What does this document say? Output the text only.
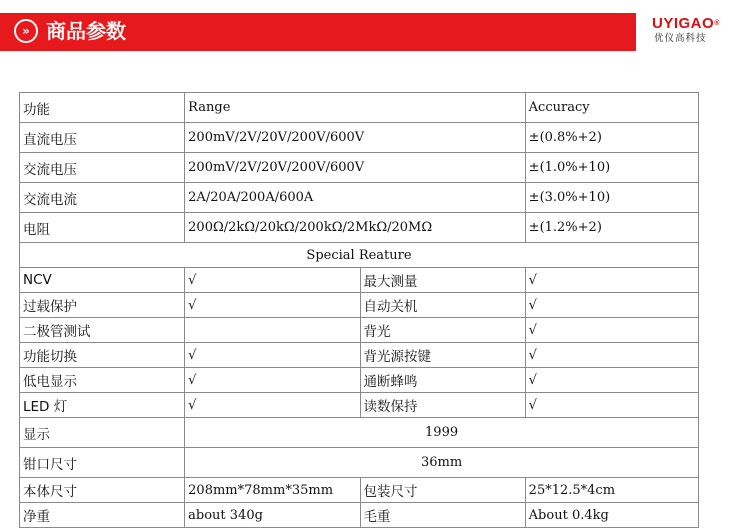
» 商品参数	UYIGAO®
优仪高科技
功能	Range		Accuracy
直流电压	200mV/2V/20V/200V/600V		±(0.8%+2)
交流电压	200mV/2V/20V/200V/600V		±(1.0%+10)
交流电流	2A/20A/200A/600A		±(3.0%+10)
电阻	200Ω/2kΩ/20kΩ/200kΩ/2MkΩ/20MΩ		±(1.2%+2)
Special Reature			
NCV	√	最大测量	√
过载保护	√	自动关机	√
二极管测试		背光	√
功能切换	√	背光源按键	√
低电显示	√	通断蜂鸣	√
LED 灯	√	读数保持	√
显示	1999		
钳口尺寸	36mm		
本体尺寸	208mm*78mm*35mm	包装尺寸	25*12.5*4cm
净重	about 340g	毛重	About 0.4kg
